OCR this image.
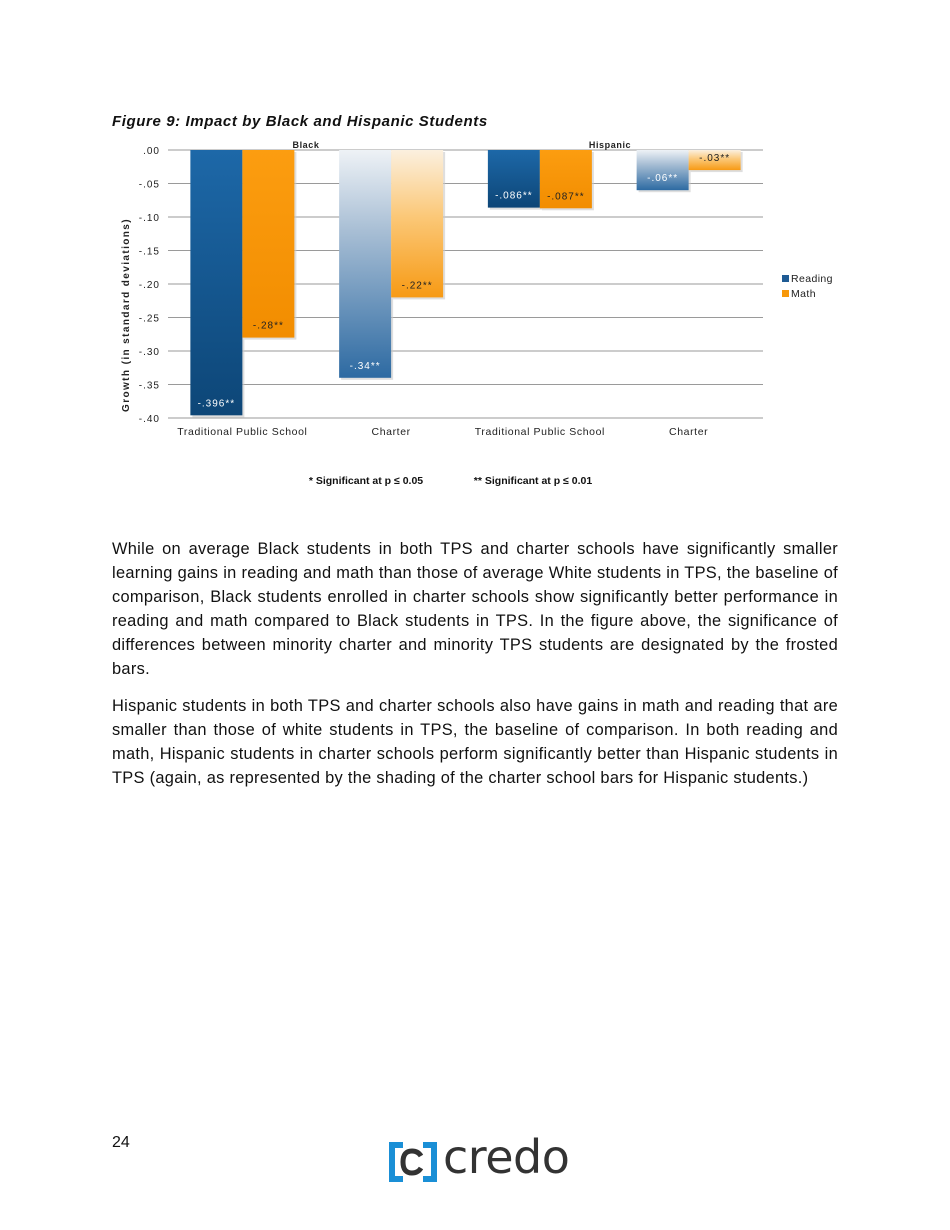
Figure 9: Impact by Black and Hispanic Students
.00
-.05
-.10
-.15
-.20
-.25
-.30
-.35
-.40
-.396**
-.28**
-.34**
-.22**
-.086** -.087**
-.06**
-.03**
Traditional Public School	Charter	Traditional Public School	Charter
Black	Hispanic
Growth (in standard deviations)	Reading
Math
* Significant at p ≤ 0.05	** Significant at p ≤ 0.01

While on average Black students in both TPS and charter schools have significantly smaller learning gains in reading and math than those of average White students in TPS, the baseline of comparison, Black students enrolled in charter schools show significantly better performance in reading and math compared to Black students in TPS. In the figure above, the significance of differences between minority charter and minority TPS students are designated by the frosted bars.

Hispanic students in both TPS and charter schools also have gains in math and reading that are smaller than those of white students in TPS, the baseline of comparison. In both reading and math, Hispanic students in charter schools perform significantly better than Hispanic students in TPS (again, as represented by the shading of the charter school bars for Hispanic students.)

24	credo
